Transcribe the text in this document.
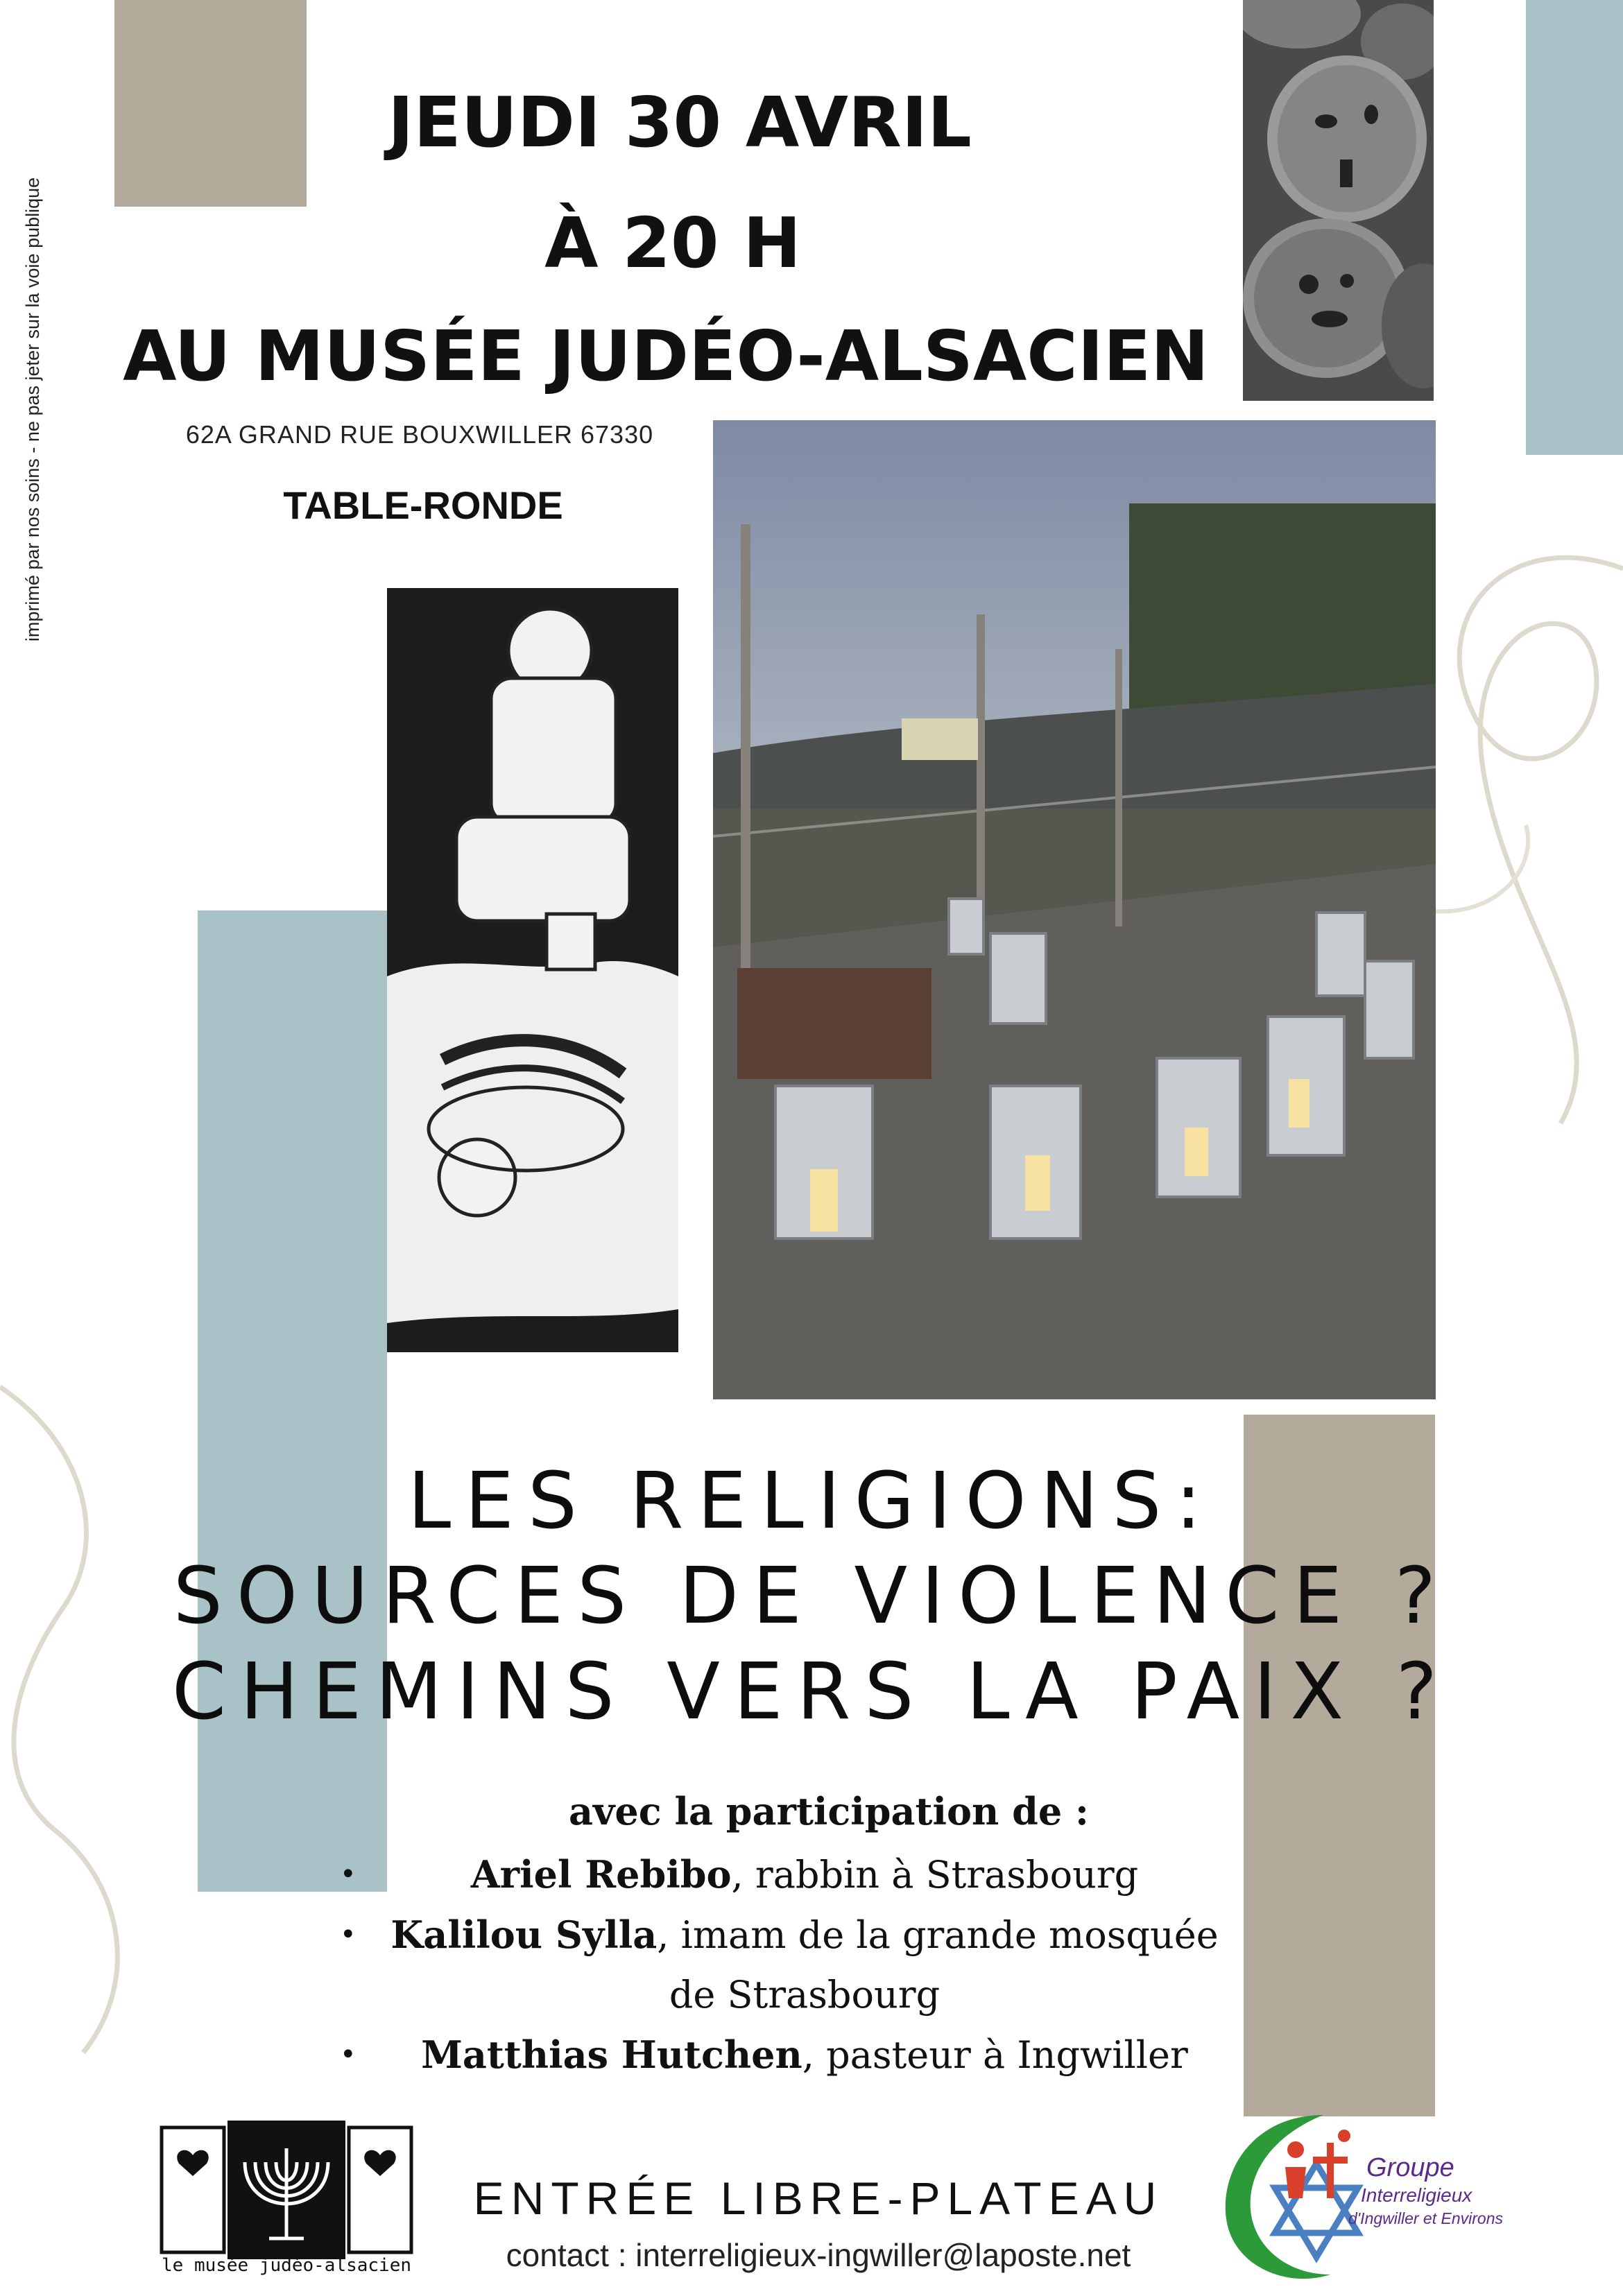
imprimé par nos soins - ne pas jeter sur la voie publique
JEUDI 30 AVRIL
À 20 H
AU MUSÉE JUDÉO-ALSACIEN
62A GRAND RUE BOUXWILLER 67330
TABLE-RONDE
LES RELIGIONS:
SOURCES DE VIOLENCE ?
CHEMINS VERS LA PAIX ?
avec la participation de :
•	Ariel Rebibo, rabbin à Strasbourg
• Kalilou Sylla, imam de la grande mosquée de Strasbourg
• Matthias Hutchen, pasteur à Ingwiller
ENTRÉE LIBRE-PLATEAU
contact : interreligieux-ingwiller@laposte.net
le musée judéo-alsacien
Groupe
Interreligieux
d'Ingwiller et Environs
